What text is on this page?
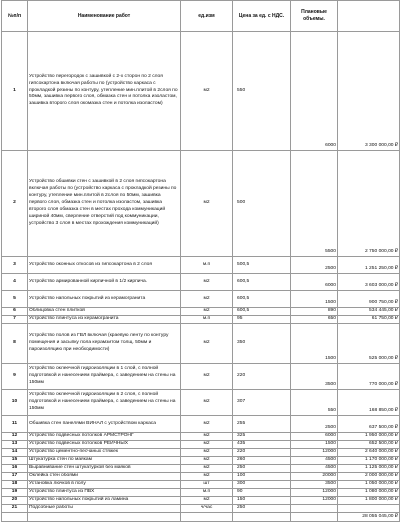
№п/п	Наименование работ	ед.изм	Цена за ед. с НДС.	Плановые объемы.	
1	Устройство перегородок с зашивкой с 2-х сторон по 2 слоя гипсокартона включая работы по (устройство каркаса с прокладкой резины по контуру, утепление мин.плитой в 2слоя по 50мм, зашивка первого слоя, обмазка стен и потолка изолаcтом, зашивка второго слоя окомазка стен и потолка изоластом)	м2	550	6000	3 300 000,00 ₽
2	Устройство обшивки стен с зашивкой в 2 слоя гипсокартона включая работы по (устройство каркаса с прокладкой резины по контуру, утепление мин.плитой в 2слоя по 50мм, зашивка первого слоя, обмазка стен и потолка изолаcтом, зашивка второго слоя обмазка стен в местах прохода коммуникаций шириной 40мм, сверление отверстий под коммуникации, устройство 3 слоя в местах прохождения коммуникаций)	м2	500	5500	2 750 000,00 ₽
3	Устройство оконных откосов из гипсокартона в 2 слоя	м.п	500,5	2500	1 251 250,00 ₽
4	Устройство армированной кирпичной в 1/2 кирпича.	м2	600,5	6000	3 603 000,00 ₽
5	Устройство напольных покрытий из керамогранита	м2	600,5	1500	900 750,00 ₽
6	Облицовка стен плиткой	м2	600,5	890	534 445,00 ₽
7	Устройство плинтуса из керамогранита	м.п	95	650	61 750,00 ₽
8	Устройство полов из ГВЛ включая (краевую ленту по контуру помещения и засыпку пола керамзитом толщ. 50мм и пароизоляцию при необходимости)	м2	350	1500	525 000,00 ₽
9	Устройство оклеечной гидроизоляции в 1 слой, с полной подготовкой и нанесением праймера, с заведением на стены на 150мм	м2	220	3500	770 000,00 ₽
10	Устройство оклеечной гидроизоляции в 2 слоя, с полной подготовкой и нанесением праймера, с заведением на стены на 150мм	м2	307	550	168 850,00 ₽
11	Обшивка стен панелями ВИНАЛ с устройством каркаса	м2	255	2500	637 500,00 ₽
12	Устройство подвесных потолков АРМСТРОНГ	м2	325	6000	1 950 000,00 ₽
13	Устройство подвесных потолков РЕЙЧНЫХ	м2	435	1500	652 500,00 ₽
14	Устройство цементно-песчаных стяжек	м2	220	12000	2 640 000,00 ₽
15	Штукатурка стен по маякам	м2	260	4500	1 170 000,00 ₽
16	Выравнивание стен штукатуркой без маяков	м2	250	4500	1 125 000,00 ₽
17	Оклейка стен обоями	м2	100	20000	2 000 000,00 ₽
18	Установка лючков в полу	шт	300	3500	1 050 000,00 ₽
19	Устройство плинтуса из ПВХ	м.п	90	12000	1 080 000,00 ₽
20	Устройство напольных покрытий из ламина	м2	150	12000	1 800 000,00 ₽
21	Подсобные работы	ч/час	250		
					28 055 045,00 ₽
